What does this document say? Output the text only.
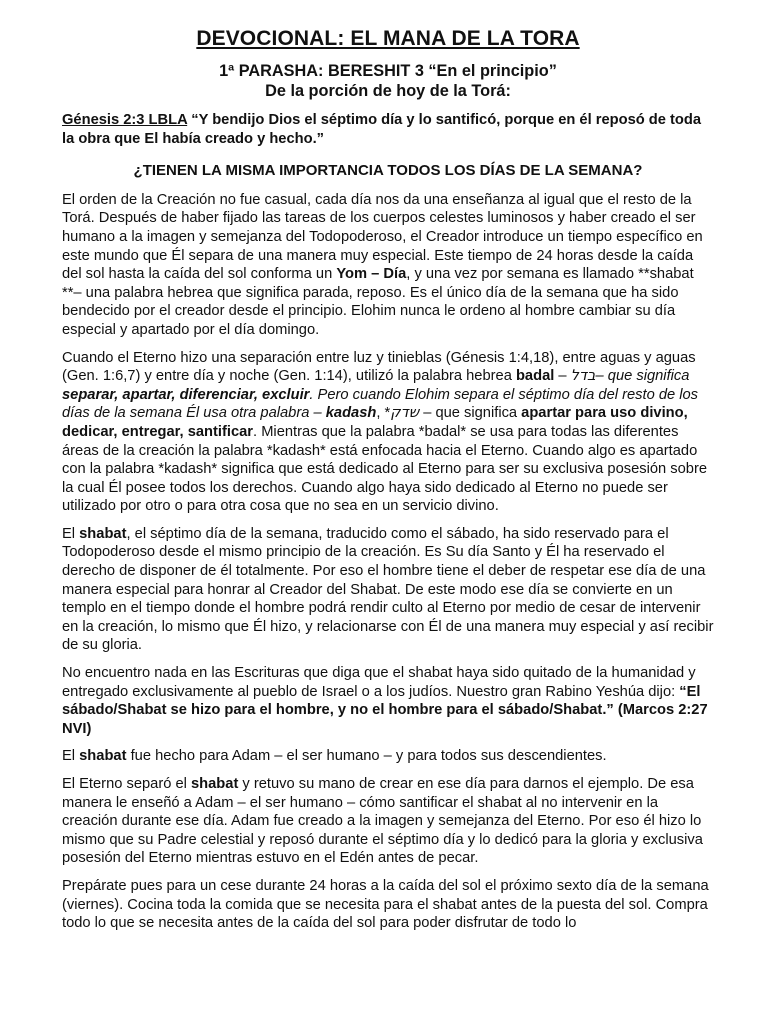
DEVOCIONAL: EL MANA DE LA TORA
1ª PARASHA: BERESHIT 3 “En el principio”
De la porción de hoy de la Torá:
Génesis 2:3 LBLA “Y bendijo Dios el séptimo día y lo santificó, porque en él reposó de toda la obra que El había creado y hecho.”
¿TIENEN LA MISMA IMPORTANCIA TODOS LOS DÍAS DE LA SEMANA?

El orden de la Creación no fue casual, cada día nos da una enseñanza al igual que el resto de la Torá. Después de haber fijado las tareas de los cuerpos celestes luminosos y haber creado el ser humano a la imagen y semejanza del Todopoderoso, el Creador introduce un tiempo específico en este mundo que Él separa de una manera muy especial. Este tiempo de 24 horas desde la caída del sol hasta la caída del sol conforma un Yom – Día, y una vez por semana es llamado **shabat **– una palabra hebrea que significa parada, reposo. Es el único día de la semana que ha sido bendecido por el creador desde el principio. Elohim nunca le ordeno al hombre cambiar su día especial y apartado por el día domingo.

Cuando el Eterno hizo una separación entre luz y tinieblas (Génesis 1:4,18), entre aguas y aguas (Gen. 1:6,7) y entre día y noche (Gen. 1:14), utilizó la palabra hebrea badal – בדל– que significa separar, apartar, diferenciar, excluir. Pero cuando Elohim separa el séptimo día del resto de los días de la semana Él usa otra palabra – kadash, *שדק – que significa apartar para uso divino, dedicar, entregar, santificar. Mientras que la palabra *badal* se usa para todas las diferentes áreas de la creación la palabra *kadash* está enfocada hacia el Eterno. Cuando algo es apartado con la palabra *kadash* significa que está dedicado al Eterno para ser su exclusiva posesión sobre la cual Él posee todos los derechos. Cuando algo haya sido dedicado al Eterno no puede ser utilizado por otro o para otra cosa que no sea en un servicio divino.

El shabat, el séptimo día de la semana, traducido como el sábado, ha sido reservado para el Todopoderoso desde el mismo principio de la creación. Es Su día Santo y Él ha reservado el derecho de disponer de él totalmente. Por eso el hombre tiene el deber de respetar ese día de una manera especial para honrar al Creador del Shabat. De este modo ese día se convierte en un templo en el tiempo donde el hombre podrá rendir culto al Eterno por medio de cesar de intervenir en la creación, lo mismo que Él hizo, y relacionarse con Él de una manera muy especial y así recibir de su gloria.

No encuentro nada en las Escrituras que diga que el shabat haya sido quitado de la humanidad y entregado exclusivamente al pueblo de Israel o a los judíos. Nuestro gran Rabino Yeshúa dijo: “El sábado/Shabat se hizo para el hombre, y no el hombre para el sábado/Shabat.” (Marcos 2:27 NVI)

El shabat fue hecho para Adam – el ser humano – y para todos sus descendientes.

El Eterno separó el shabat y retuvo su mano de crear en ese día para darnos el ejemplo. De esa manera le enseñó a Adam – el ser humano – cómo santificar el shabat al no intervenir en la creación durante ese día. Adam fue creado a la imagen y semejanza del Eterno. Por eso él hizo lo mismo que su Padre celestial y reposó durante el séptimo día y lo dedicó para la gloria y exclusiva posesión del Eterno mientras estuvo en el Edén antes de pecar.

Prepárate pues para un cese durante 24 horas a la caída del sol el próximo sexto día de la semana (viernes). Cocina toda la comida que se necesita para el shabat antes de la puesta del sol. Compra todo lo que se necesita antes de la caída del sol para poder disfrutar de todo lo
